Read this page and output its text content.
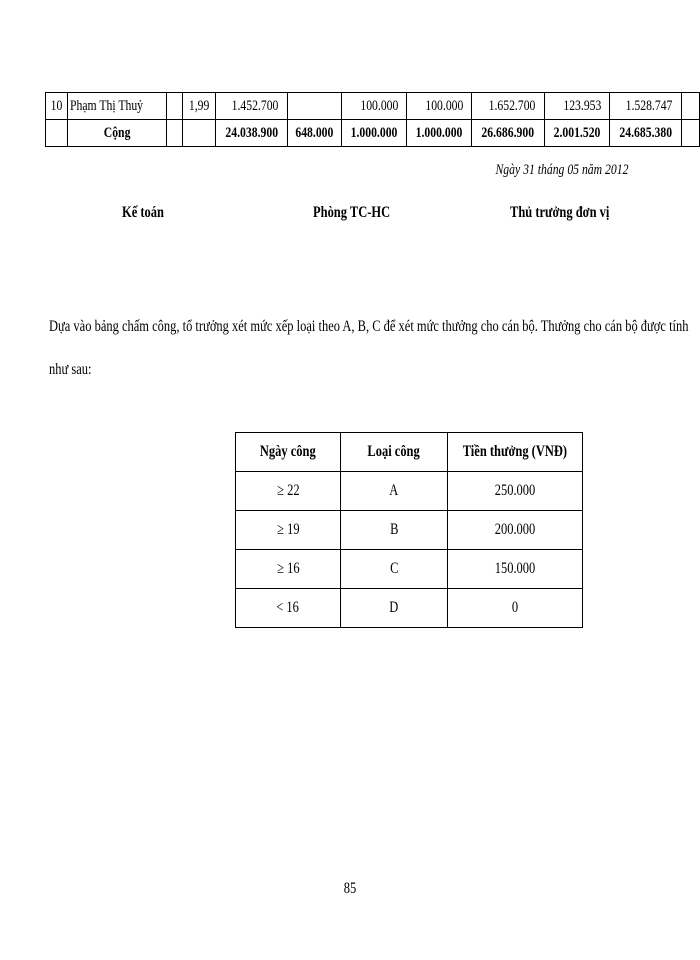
10	Phạm Thị Thuỷ		1,99	1.452.700		100.000	100.000	1.652.700	123.953	1.528.747	
	Cộng			24.038.900	648.000	1.000.000	1.000.000	26.686.900	2.001.520	24.685.380	
Ngày 31 tháng 05 năm 2012
Kế toán	Phòng TC-HC	Thủ trưởng đơn vị
Dựa vào bảng chấm công, tổ trưởng xét mức xếp loại theo A, B, C để xét mức thưởng cho cán bộ. Thưởng cho cán bộ được tính
như sau:
Ngày công	Loại công	Tiền thưởng (VNĐ)
≥ 22	A	250.000
≥ 19	B	200.000
≥ 16	C	150.000
< 16	D	0
85
